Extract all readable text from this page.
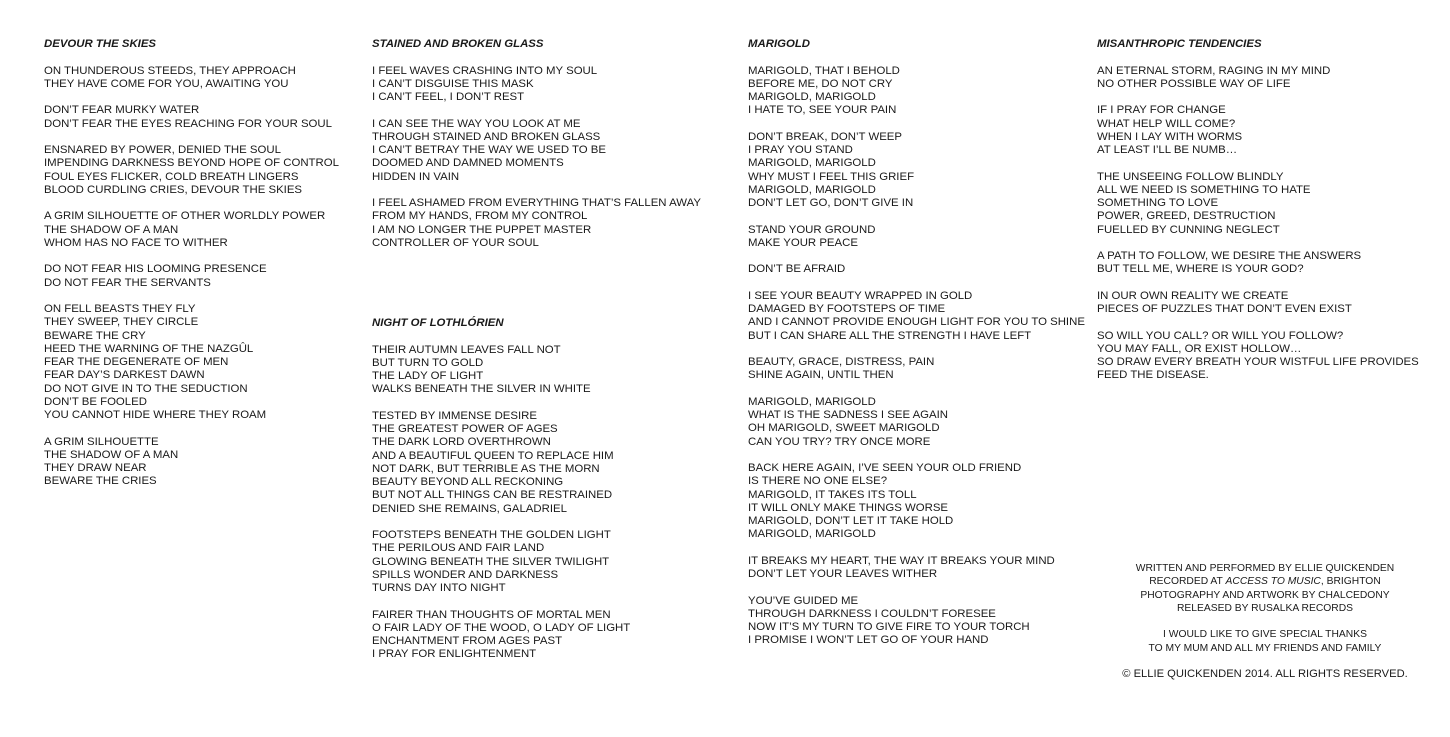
DEVOUR THE SKIES
ON THUNDEROUS STEEDS, THEY APPROACH
THEY HAVE COME FOR YOU, AWAITING YOU
DON’T FEAR MURKY WATER
DON’T FEAR THE EYES REACHING FOR YOUR SOUL
ENSNARED BY POWER, DENIED THE SOUL
IMPENDING DARKNESS BEYOND HOPE OF CONTROL
FOUL EYES FLICKER, COLD BREATH LINGERS
BLOOD CURDLING CRIES, DEVOUR THE SKIES
A GRIM SILHOUETTE OF OTHER WORLDLY POWER
THE SHADOW OF A MAN
WHOM HAS NO FACE TO WITHER
DO NOT FEAR HIS LOOMING PRESENCE
DO NOT FEAR THE SERVANTS
ON FELL BEASTS THEY FLY
THEY SWEEP, THEY CIRCLE
BEWARE THE CRY
HEED THE WARNING OF THE NAZGÛL
FEAR THE DEGENERATE OF MEN
FEAR DAY’S DARKEST DAWN
DO NOT GIVE IN TO THE SEDUCTION
DON’T BE FOOLED
YOU CANNOT HIDE WHERE THEY ROAM
A GRIM SILHOUETTE
THE SHADOW OF A MAN
THEY DRAW NEAR
BEWARE THE CRIES
STAINED AND BROKEN GLASS
I FEEL WAVES CRASHING INTO MY SOUL
I CAN’T DISGUISE THIS MASK
I CAN’T FEEL, I DON’T REST
I CAN SEE THE WAY YOU LOOK AT ME
THROUGH STAINED AND BROKEN GLASS
I CAN’T BETRAY THE WAY WE USED TO BE
DOOMED AND DAMNED MOMENTS
HIDDEN IN VAIN
I FEEL ASHAMED FROM EVERYTHING THAT’S FALLEN AWAY
FROM MY HANDS, FROM MY CONTROL
I AM NO LONGER THE PUPPET MASTER
CONTROLLER OF YOUR SOUL
NIGHT OF LOTHLÓRIEN
THEIR AUTUMN LEAVES FALL NOT
BUT TURN TO GOLD
THE LADY OF LIGHT
WALKS BENEATH THE SILVER IN WHITE
TESTED BY IMMENSE DESIRE
THE GREATEST POWER OF AGES
THE DARK LORD OVERTHROWN
AND A BEAUTIFUL QUEEN TO REPLACE HIM
NOT DARK, BUT TERRIBLE AS THE MORN
BEAUTY BEYOND ALL RECKONING
BUT NOT ALL THINGS CAN BE RESTRAINED
DENIED SHE REMAINS, GALADRIEL
FOOTSTEPS BENEATH THE GOLDEN LIGHT
THE PERILOUS AND FAIR LAND
GLOWING BENEATH THE SILVER TWILIGHT
SPILLS WONDER AND DARKNESS
TURNS DAY INTO NIGHT
FAIRER THAN THOUGHTS OF MORTAL MEN
O FAIR LADY OF THE WOOD, O LADY OF LIGHT
ENCHANTMENT FROM AGES PAST
I PRAY FOR ENLIGHTENMENT
MARIGOLD
MARIGOLD, THAT I BEHOLD
BEFORE ME, DO NOT CRY
MARIGOLD, MARIGOLD
I HATE TO, SEE YOUR PAIN
DON’T BREAK, DON’T WEEP
I PRAY YOU STAND
MARIGOLD, MARIGOLD
WHY MUST I FEEL THIS GRIEF
MARIGOLD, MARIGOLD
DON’T LET GO, DON’T GIVE IN
STAND YOUR GROUND
MAKE YOUR PEACE
DON’T BE AFRAID
I SEE YOUR BEAUTY WRAPPED IN GOLD
DAMAGED BY FOOTSTEPS OF TIME
AND I CANNOT PROVIDE ENOUGH LIGHT FOR YOU TO SHINE
BUT I CAN SHARE ALL THE STRENGTH I HAVE LEFT
BEAUTY, GRACE, DISTRESS, PAIN
SHINE AGAIN, UNTIL THEN
MARIGOLD, MARIGOLD
WHAT IS THE SADNESS I SEE AGAIN
OH MARIGOLD, SWEET MARIGOLD
CAN YOU TRY? TRY ONCE MORE
BACK HERE AGAIN, I’VE SEEN YOUR OLD FRIEND
IS THERE NO ONE ELSE?
MARIGOLD, IT TAKES ITS TOLL
IT WILL ONLY MAKE THINGS WORSE
MARIGOLD, DON’T LET IT TAKE HOLD
MARIGOLD, MARIGOLD
IT BREAKS MY HEART, THE WAY IT BREAKS YOUR MIND
DON’T LET YOUR LEAVES WITHER
YOU’VE GUIDED ME
THROUGH DARKNESS I COULDN’T FORESEE
NOW IT’S MY TURN TO GIVE FIRE TO YOUR TORCH
I PROMISE I WON’T LET GO OF YOUR HAND
MISANTHROPIC TENDENCIES
AN ETERNAL STORM, RAGING IN MY MIND
NO OTHER POSSIBLE WAY OF LIFE
IF I PRAY FOR CHANGE
WHAT HELP WILL COME?
WHEN I LAY WITH WORMS
AT LEAST I’LL BE NUMB…
THE UNSEEING FOLLOW BLINDLY
ALL WE NEED IS SOMETHING TO HATE
SOMETHING TO LOVE
POWER, GREED, DESTRUCTION
FUELLED BY CUNNING NEGLECT
A PATH TO FOLLOW, WE DESIRE THE ANSWERS
BUT TELL ME, WHERE IS YOUR GOD?
IN OUR OWN REALITY WE CREATE
PIECES OF PUZZLES THAT DON’T EVEN EXIST
SO WILL YOU CALL? OR WILL YOU FOLLOW?
YOU MAY FALL, OR EXIST HOLLOW…
SO DRAW EVERY BREATH YOUR WISTFUL LIFE PROVIDES
FEED THE DISEASE.
WRITTEN AND PERFORMED BY ELLIE QUICKENDEN
RECORDED AT ACCESS TO MUSIC, BRIGHTON
PHOTOGRAPHY AND ARTWORK BY CHALCEDONY
RELEASED BY RUSALKA RECORDS
I WOULD LIKE TO GIVE SPECIAL THANKS
TO MY MUM AND ALL MY FRIENDS AND FAMILY
© ELLIE QUICKENDEN 2014. ALL RIGHTS RESERVED.
